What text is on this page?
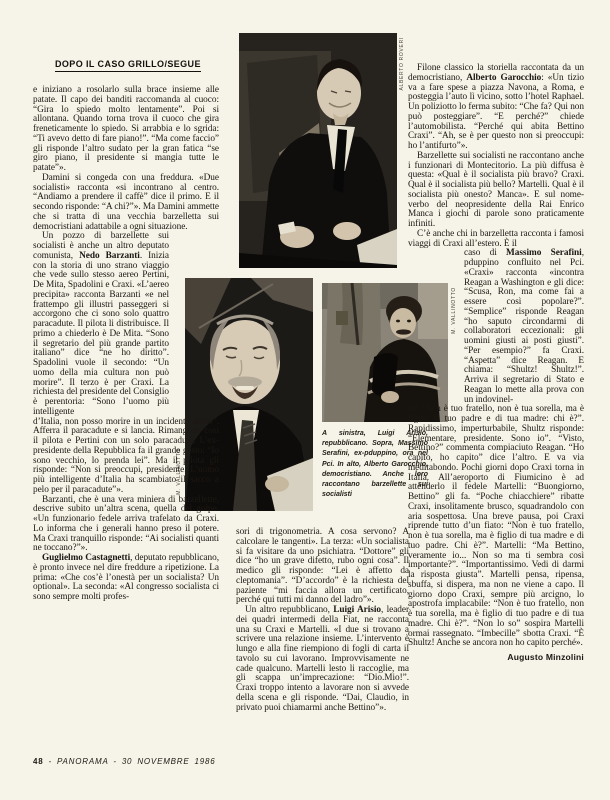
DOPO IL CASO GRILLO/SEGUE	ALBERTO ROVERI
M. VALLINOTTO
M. VALLINOTTO
A sinistra, Luigi Arisio, repubblicano. Sopra, Massimo Serafini, ex-pduppino, ora nel Pci. In alto, Alberto Garocchio, democristiano. Anche loro raccontano barzellette sui socialisti

e iniziano a rosolarlo sulla brace insieme alle patate. Il capo dei banditi raccomanda al cuoco: “Gira lo spiedo molto lentamente”. Poi si allontana. Quando torna trova il cuoco che gira freneticamente lo spiedo. Si arrabbia e lo sgrida: “Ti avevo detto di fare piano!”. “Ma come faccio” gli risponde l’altro sudato per la gran fatica “se giro piano, il presidente si mangia tutte le patate”».

Damini si congeda con una freddura. «Due socialisti» racconta «si incontrano al centro. “Andiamo a prendere il caffè” dice il primo. E il secondo risponde: “A chi?”». Ma Damini ammette che si tratta di una vecchia barzelletta sui democristiani adattabile a ogni situazione.

Un pozzo di barzellette sui socialisti è anche un altro deputato comunista, Nedo Barzanti. Inizia con la storia di uno strano viaggio che vede sullo stesso aereo Pertini, De Mita, Spadolini e Craxi. «L’aereo precipita» racconta Barzanti «e nel frattempo gli illustri passeggeri si accorgono che ci sono solo quattro paracadute. Il pilota li distribuisce. Il primo a chiederlo è De Mita. “Sono il segretario del più grande partito italiano” dice “ne ho diritto”. Spadolini vuole il secondo: “Un uomo della mia cultura non può morire”. Il terzo è per Craxi. La richiesta del presidente del Consiglio è perentoria: “Sono l’uomo più intelligente

d’Italia, non posso morire in un incidente aereo”. Afferra il paracadute e si lancia. Rimangono così il pilota e Pertini con un solo paracadute. L’ex-presidente della Repubblica fa il grande gesto: “Io sono vecchio, lo prenda lei”. Ma il pilota gli risponde: “Non si preoccupi, presidente. L’uomo più intelligente d’Italia ha scambiato il sacco a pelo per il paracadute”».

Barzanti, che è una vera miniera di barzellette, descrive subito un’altra scena, quella del golpe. «Un funzionario fedele arriva trafelato da Craxi. Lo informa che i generali hanno preso il potere. Ma Craxi tranquillo risponde: “Ai socialisti quanti ne toccano?”».

Guglielmo Castagnetti, deputato repubblicano, è pronto invece nel dire freddure a ripetizione. La prima: «Che cos’è l’onestà per un socialista? Un optional». La seconda: «Al congresso socialista ci sono sempre molti profes-

sori di trigonometria. A cosa servono? A calcolare le tangenti». La terza: «Un socialista si fa visitare da uno psichiatra. “Dottore” gli dice “ho un grave difetto, rubo ogni cosa”. Il medico gli risponde: “Lei è affetto da cleptomania”. “D’accordo” è la richiesta del paziente “mi faccia allora un certificato, perché qui tutti mi danno del ladro”».

Un altro repubblicano, Luigi Arisio, leader dei quadri intermedi della Fiat, ne racconta una su Craxi e Martelli. «I due si trovano a scrivere una relazione insieme. L’intervento è lungo e alla fine riempiono di fogli di carta il tavolo su cui lavorano. Improvvisamente ne cade qualcuno. Martelli lesto li raccoglie, ma gli scappa un’imprecazione: “Dio.Mio!”. Craxi troppo intento a lavorare non si avvede della scena e gli risponde. “Dai, Claudio, in privato puoi chiamarmi anche Bettino”».

Filone classico la storiella raccontata da un democristiano, Alberto Garocchio: «Un tizio va a fare spese a piazza Navona, a Roma, e posteggia l’auto lì vicino, sotto l’hotel Raphael. Un poliziotto lo ferma subito: “Che fa? Qui non può posteggiare”. “E perché?” chiede l’automobilista. “Perché qui abita Bettino Craxi”. “Ah, se è per questo non si preoccupi: ho l’antifurto”».

Barzellette sui socialisti ne raccontano anche i funzionari di Montecitorio. La più diffusa è questa: «Qual è il socialista più bravo? Craxi. Qual è il socialista più bello? Martelli. Qual è il socialista più onesto? Manca». E sul nome-verbo del neopresidente della Rai Enrico Manca i giochi di parole sono praticamente infiniti.

C’è anche chi in barzelletta racconta i famosi viaggi di Craxi all’estero. È il

caso di Massimo Serafini, pduppino confluito nel Pci. «Craxi» racconta «incontra Reagan a Washington e gli dice: “Scusa, Ron, ma come fai a essere così popolare?”. “Semplice” risponde Reagan “ho saputo circondarmi di collaboratori eccezionali: gli uomini giusti ai posti giusti”. “Per esempio?” fa Craxi. “Aspetta” dice Reagan. E chiama: “Shultz! Shultz!”. Arriva il segretario di Stato e Reagan lo mette alla prova con un indovinel-

lo: “Non è tuo fratello, non è tua sorella, ma è figlio di tuo padre e di tua madre: chi è?”. Rapidissimo, imperturbabile, Shultz risponde: “Elementare, presidente. Sono io”. “Visto, Bettino?” commenta compiaciuto Reagan. “Ho capito, ho capito” dice l’altro. E va via meditabondo. Pochi giorni dopo Craxi torna in Italia. All’aeroporto di Fiumicino è ad attenderlo il fedele Martelli: “Buongiorno, Bettino” gli fa. “Poche chiacchiere” ribatte Craxi, insolitamente brusco, squadrandolo con aria sospettosa. Una breve pausa, poi Craxi riprende tutto d’un fiato: “Non è tuo fratello, non è tua sorella, ma è figlio di tua madre e di tuo padre. Chi è?”. Martelli: “Ma Bettino, veramente io... Non so ma ti sembra così importante?”. “Importantissimo. Vedi di darmi la risposta giusta”. Martelli pensa, ripensa, sbuffa, si dispera, ma non ne viene a capo. Il giorno dopo Craxi, sempre più arcigno, lo apostrofa implacabile: “Non è tuo fratello, non è tua sorella, ma è figlio di tuo padre e di tua madre. Chi è?”. “Non lo so” sospira Martelli ormai rassegnato. “Imbecille” sbotta Craxi. “È Shultz! Anche se ancora non ho capito perché».

Augusto Minzolini
48 - PANORAMA - 30 NOVEMBRE 1986
